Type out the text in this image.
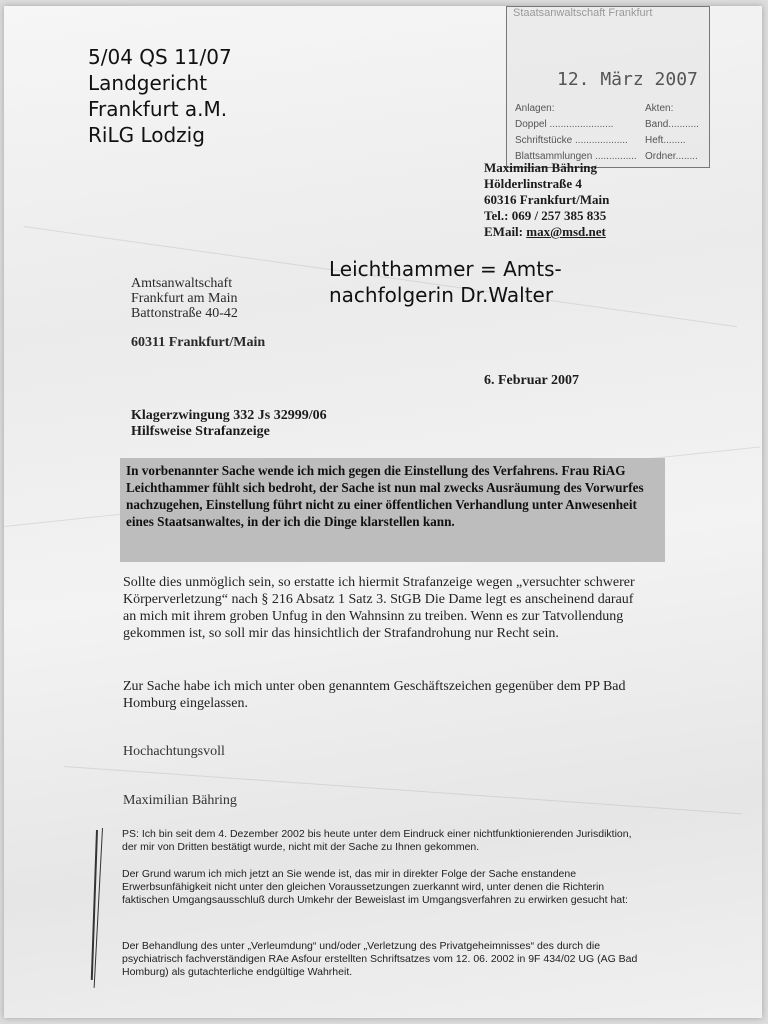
5/04 QS 11/07
Landgericht
Frankfurt a.M.
RiLG Lodzig
Staatsanwaltschaft Frankfurt
12. März 2007
Anlagen:	Akten:
Doppel .......................	Band...........
Schriftstücke ...................	Heft........
Blattsammlungen ............... Ordner........
Maximilian Bähring
Hölderlinstraße 4
60316 Frankfurt/Main
Tel.: 069 / 257 385 835
EMail: max@msd.net
Leichthammer = Amts-
nachfolgerin Dr.Walter
Amtsanwaltschaft
Frankfurt am Main
Battonstraße 40-42
60311 Frankfurt/Main
6. Februar 2007
Klagerzwingung 332 Js 32999/06
Hilfsweise Strafanzeige

In vorbenannter Sache wende ich mich gegen die Einstellung des Verfahrens. Frau RiAG Leichthammer fühlt sich bedroht, der Sache ist nun mal zwecks Ausräumung des Vorwurfes nachzugehen, Einstellung führt nicht zu einer öffentlichen Verhandlung unter Anwesenheit eines Staatsanwaltes, in der ich die Dinge klarstellen kann.

Sollte dies unmöglich sein, so erstatte ich hiermit Strafanzeige wegen „versuchter schwerer Körperverletzung“ nach § 216 Absatz 1 Satz 3. StGB Die Dame legt es anscheinend darauf an mich mit ihrem groben Unfug in den Wahnsinn zu treiben. Wenn es zur Tatvollendung gekommen ist, so soll mir das hinsichtlich der Strafandrohung nur Recht sein.

Zur Sache habe ich mich unter oben genanntem Geschäftszeichen gegenüber dem PP Bad Homburg eingelassen.

Hochachtungsvoll
Maximilian Bähring

PS: Ich bin seit dem 4. Dezember 2002 bis heute unter dem Eindruck einer nichtfunktionierenden Jurisdiktion, der mir von Dritten bestätigt wurde, nicht mit der Sache zu Ihnen gekommen.

Der Grund warum ich mich jetzt an Sie wende ist, das mir in direkter Folge der Sache enstandene Erwerbsunfähigkeit nicht unter den gleichen Voraussetzungen zuerkannt wird, unter denen die Richterin faktischen Umgangsausschluß durch Umkehr der Beweislast im Umgangsverfahren zu erwirken gesucht hat:

Der Behandlung des unter „Verleumdung“ und/oder „Verletzung des Privatgeheimnisses“ des durch die psychiatrisch fachverständigen RAe Asfour erstellten Schriftsatzes vom 12. 06. 2002 in 9F 434/02 UG (AG Bad Homburg) als gutachterliche endgültige Wahrheit.
